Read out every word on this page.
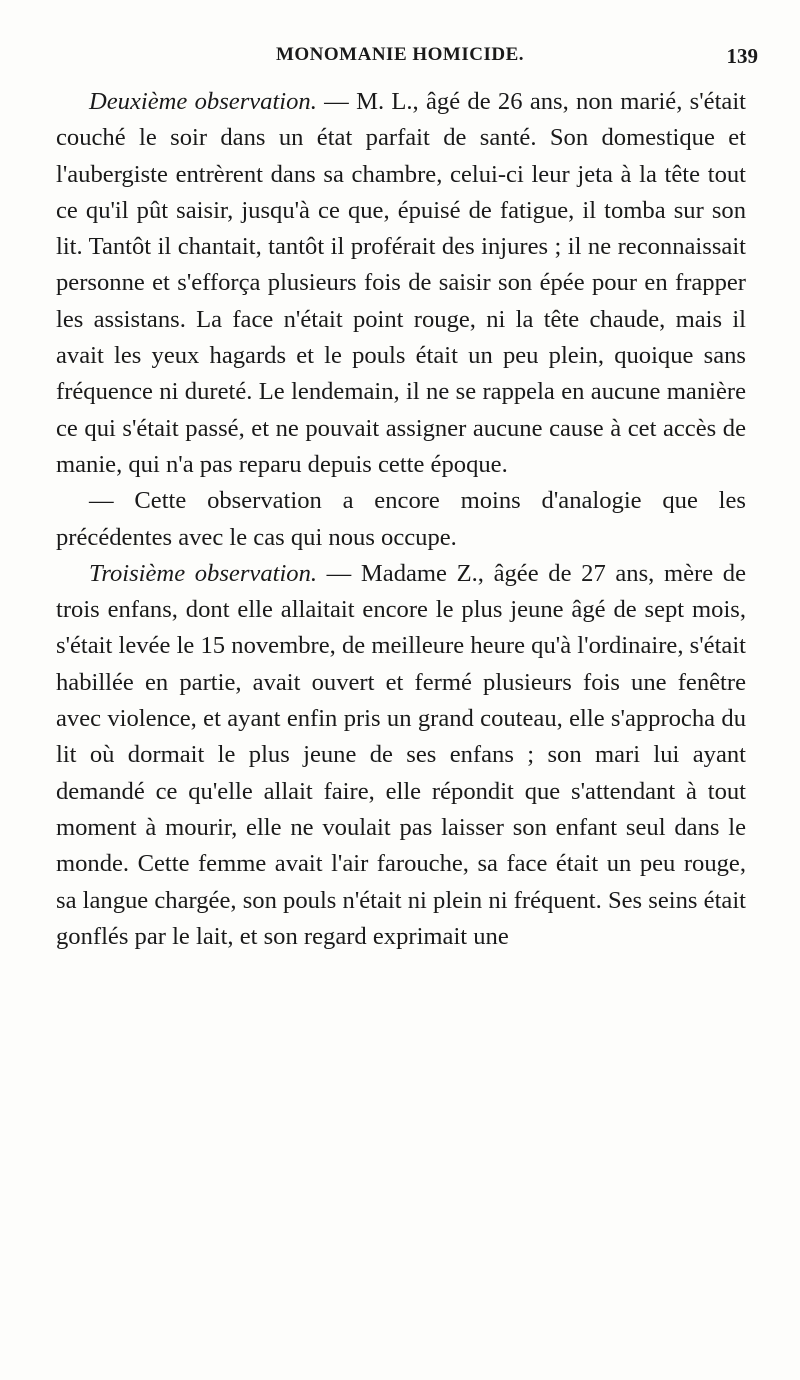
MONOMANIE HOMICIDE.	139

Deuxième observation. — M. L., âgé de 26 ans, non marié, s'était couché le soir dans un état parfait de santé. Son domestique et l'aubergiste entrèrent dans sa chambre, celui-ci leur jeta à la tête tout ce qu'il pût saisir, jusqu'à ce que, épuisé de fatigue, il tomba sur son lit. Tantôt il chantait, tantôt il proférait des injures ; il ne reconnaissait personne et s'efforça plusieurs fois de saisir son épée pour en frapper les assistans. La face n'était point rouge, ni la tête chaude, mais il avait les yeux hagards et le pouls était un peu plein, quoique sans fréquence ni dureté. Le lendemain, il ne se rappela en aucune manière ce qui s'était passé, et ne pouvait assigner aucune cause à cet accès de manie, qui n'a pas reparu depuis cette époque.

— Cette observation a encore moins d'analogie que les précédentes avec le cas qui nous occupe.

Troisième observation. — Madame Z., âgée de 27 ans, mère de trois enfans, dont elle allaitait encore le plus jeune âgé de sept mois, s'était levée le 15 novembre, de meilleure heure qu'à l'ordinaire, s'était habillée en partie, avait ouvert et fermé plusieurs fois une fenêtre avec violence, et ayant enfin pris un grand couteau, elle s'approcha du lit où dormait le plus jeune de ses enfans ; son mari lui ayant demandé ce qu'elle allait faire, elle répondit que s'attendant à tout moment à mourir, elle ne voulait pas laisser son enfant seul dans le monde. Cette femme avait l'air farouche, sa face était un peu rouge, sa langue chargée, son pouls n'était ni plein ni fréquent. Ses seins était gonflés par le lait, et son regard exprimait une
